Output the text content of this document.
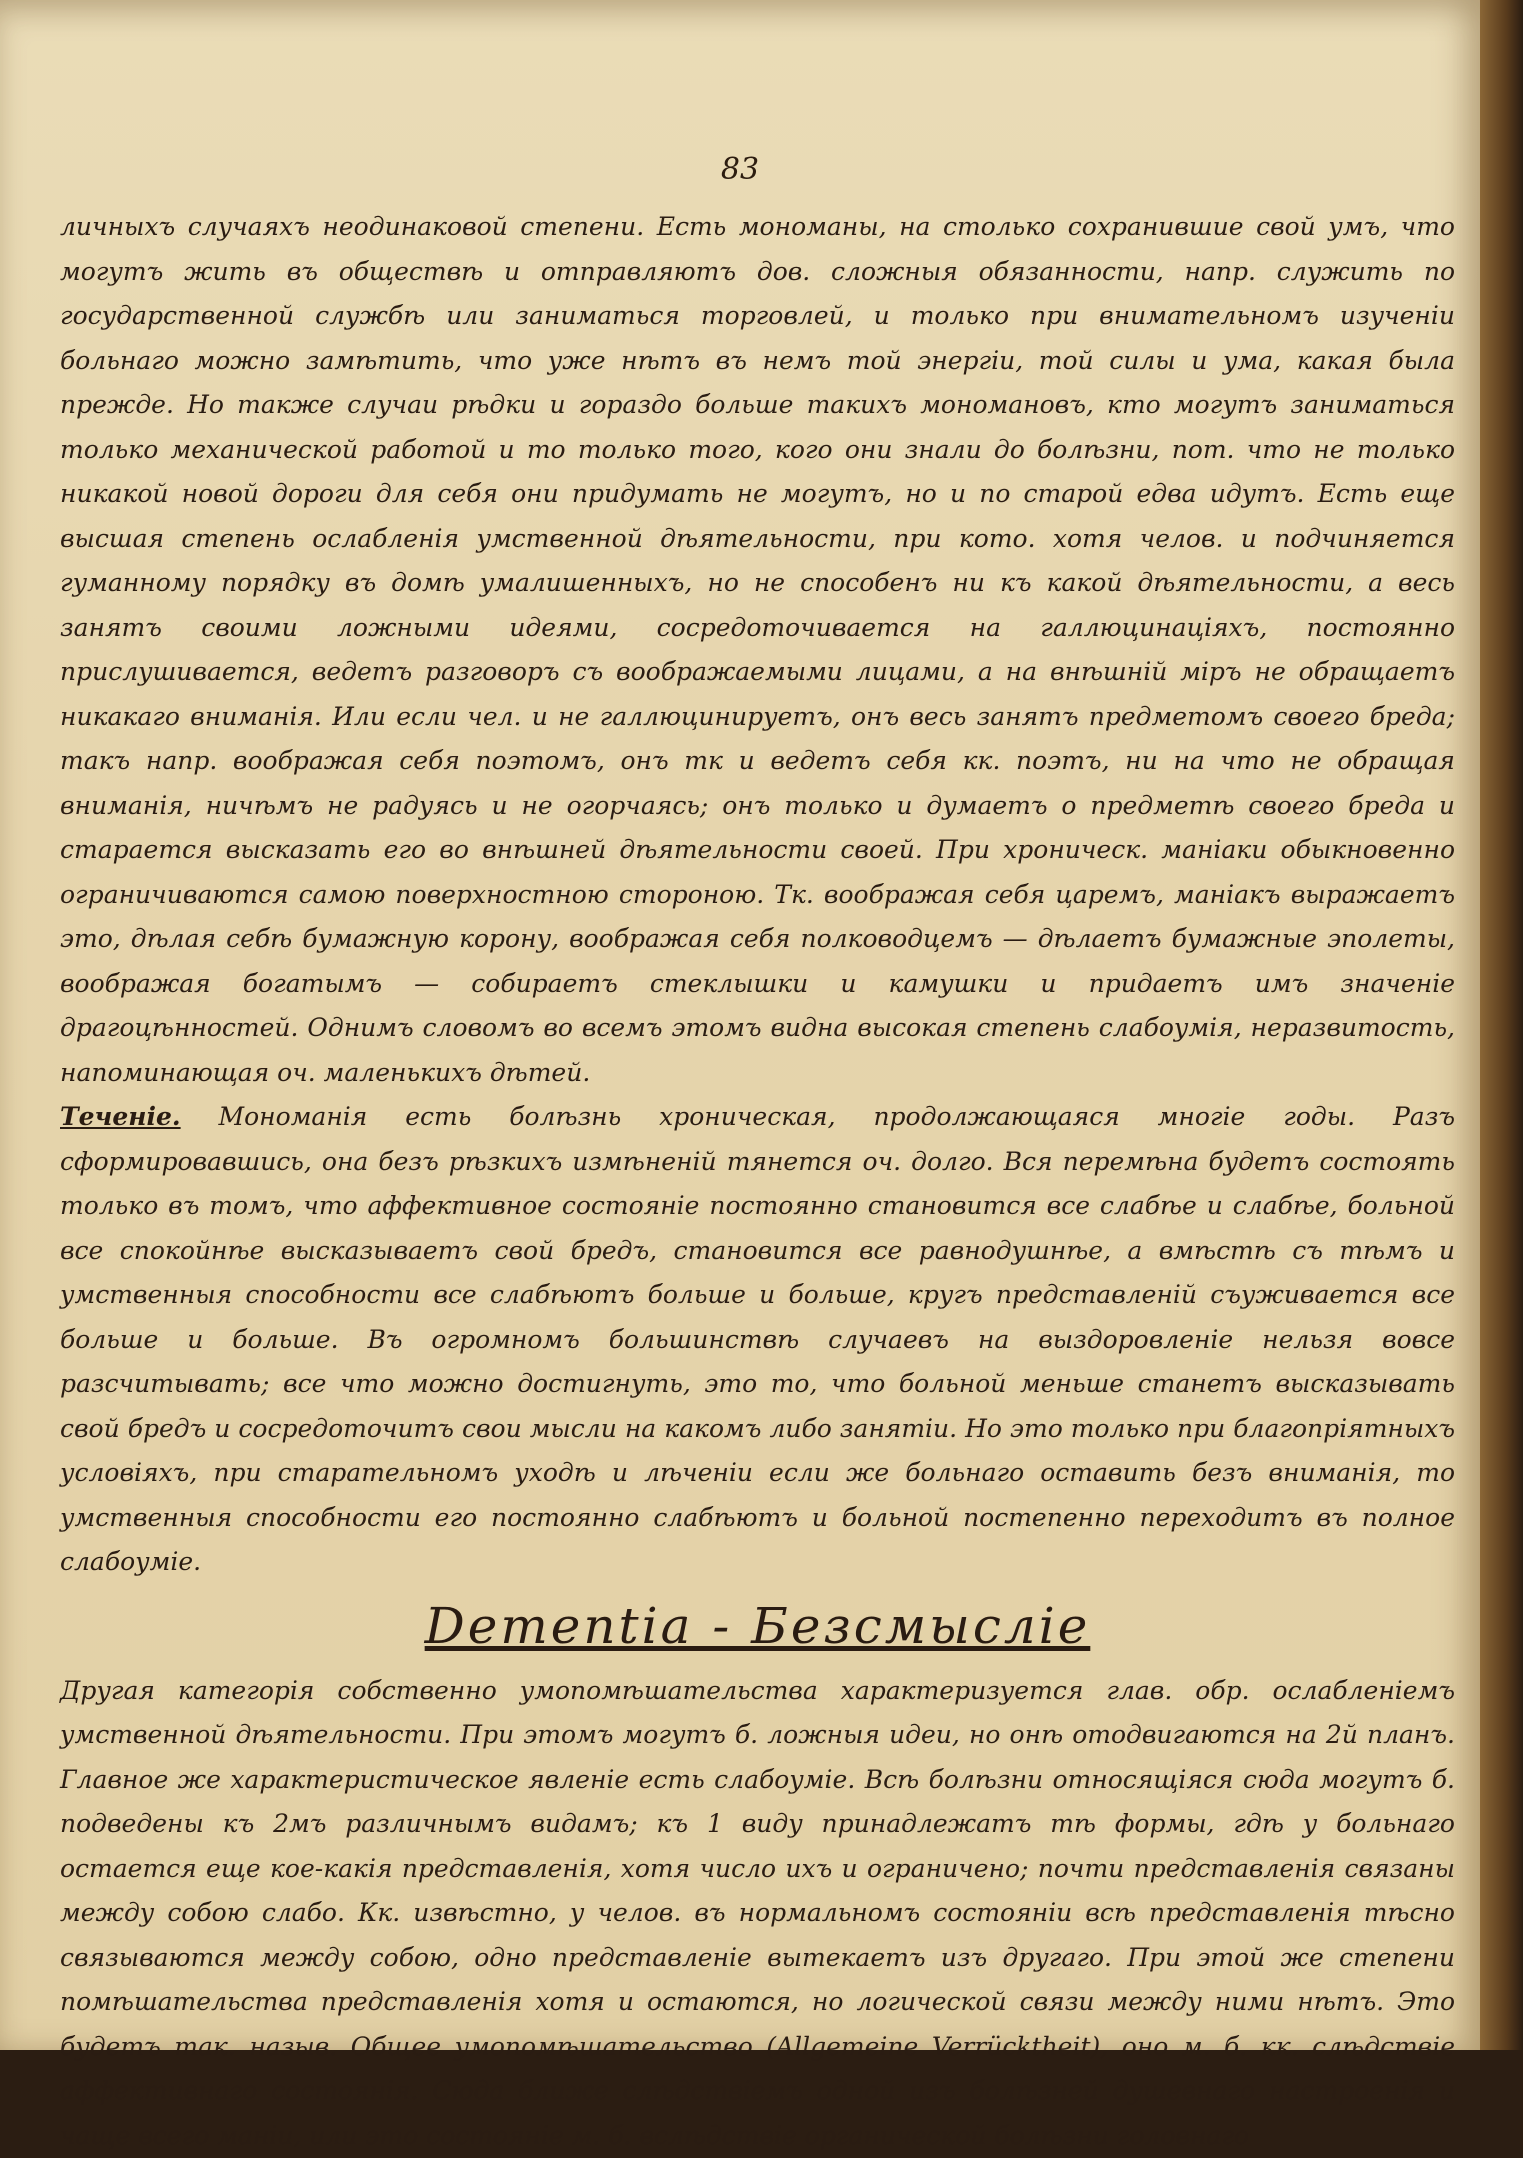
83

личныхъ случаяхъ неодинаковой степени. Есть мономаны, на столько сохранившие свой умъ, что могутъ жить въ обществѣ и отправляютъ дов. сложныя обязанности, напр. служить по государственной службѣ или заниматься торговлей, и только при внимательномъ изученіи больнаго можно замѣтить, что уже нѣтъ въ немъ той энергіи, той силы и ума, какая была прежде. Но также случаи рѣдки и гораздо больше такихъ мономановъ, кто могутъ заниматься только механической работой и то только того, кого они знали до болѣзни, пот. что не только никакой новой дороги для себя они придумать не могутъ, но и по старой едва идутъ. Есть еще высшая степень ослабленія умственной дѣятельности, при кото. хотя челов. и подчиняется гуманному порядку въ домѣ умалишенныхъ, но не способенъ ни къ какой дѣятельности, а весь занятъ своими ложными идеями, сосредоточивается на галлюцинаціяхъ, постоянно прислушивается, ведетъ разговоръ съ воображаемыми лицами, а на внѣшній міръ не обращаетъ никакаго вниманія. Или если чел. и не галлюцинируетъ, онъ весь занятъ предметомъ своего бреда; такъ напр. воображая себя поэтомъ, онъ тк и ведетъ себя кк. поэтъ, ни на что не обращая вниманія, ничѣмъ не радуясь и не огорчаясь; онъ только и думаетъ о предметѣ своего бреда и старается высказать его во внѣшней дѣятельности своей. При хроническ. маніаки обыкновенно ограничиваются самою поверхностною стороною. Тк. воображая себя царемъ, маніакъ выражаетъ это, дѣлая себѣ бумажную корону, воображая себя полководцемъ — дѣлаетъ бумажные эполеты, воображая богатымъ — собираетъ стеклышки и камушки и придаетъ имъ значеніе драгоцѣнностей. Однимъ словомъ во всемъ этомъ видна высокая степень слабоумія, неразвитость, напоминающая оч. маленькихъ дѣтей.

Теченіе. Мономанія есть болѣзнь хроническая, продолжающаяся многіе годы. Разъ сформировавшись, она безъ рѣзкихъ измѣненій тянется оч. долго. Вся перемѣна будетъ состоять только въ томъ, что аффективное состояніе постоянно становится все слабѣе и слабѣе, больной все спокойнѣе высказываетъ свой бредъ, становится все равнодушнѣе, а вмѣстѣ съ тѣмъ и умственныя способности все слабѣютъ больше и больше, кругъ представленій съуживается все больше и больше. Въ огромномъ большинствѣ случаевъ на выздоровленіе нельзя вовсе разсчитывать; все что можно достигнуть, это то, что больной меньше станетъ высказывать свой бредъ и сосредоточитъ свои мысли на какомъ либо занятіи. Но это только при благопріятныхъ условіяхъ, при старательномъ уходѣ и лѣченіи если же больнаго оставить безъ вниманія, то умственныя способности его постоянно слабѣютъ и больной постепенно переходитъ въ полное слабоуміе.

Dementia - Безсмысліе

Другая категорія собственно умопомѣшательства характеризуется глав. обр. ослабленіемъ умственной дѣятельности. При этомъ могутъ б. ложныя идеи, но онѣ отодвигаются на 2й планъ. Главное же характеристическое явленіе есть слабоуміе. Всѣ болѣзни относящіяся сюда могутъ б. подведены къ 2мъ различнымъ видамъ; къ 1 виду принадлежатъ тѣ формы, гдѣ у больнаго остается еще кое-какія представленія, хотя число ихъ и ограничено; почти представленія связаны между собою слабо. Кк. извѣстно, у челов. въ нормальномъ состояніи всѣ представленія тѣсно связываются между собою, одно представленіе вытекаетъ изъ другаго. При этой же степени помѣшательства представленія хотя и остаются, но логической связи между ними нѣтъ. Это будетъ так. назыв. Общее умопомѣшательство (Allgemeine Verrücktheit), оно м. б. кк. слѣдствіе аффективнаго состоянія. Сюда ближе слѣдствіемъ одной изъ болѣзней душевнаго настроенія и чаще всего маніи, или это состояніе м. б. вслѣдствіе органической болѣзни головнаго
